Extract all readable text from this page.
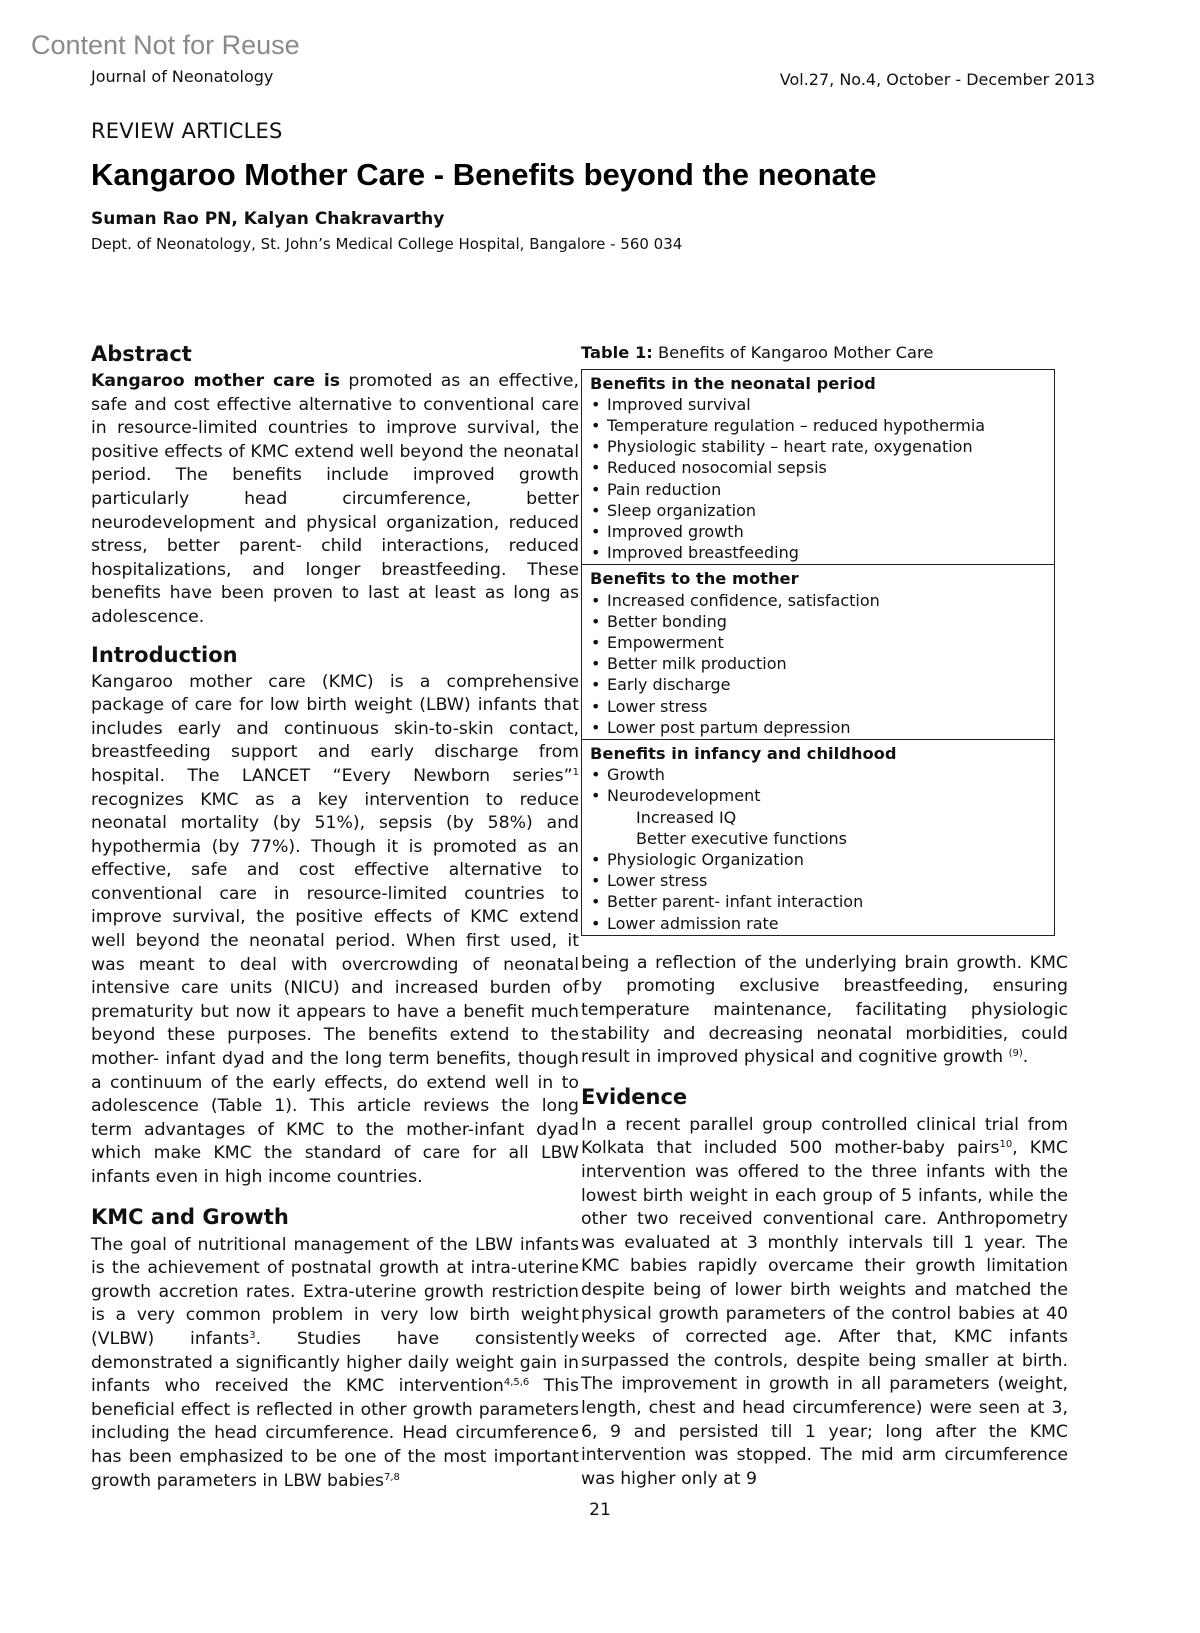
Content Not for Reuse
Journal of Neonatology	Vol.27, No.4, October - December 2013
REVIEW ARTICLES
Kangaroo Mother Care - Benefits beyond the neonate
Suman Rao PN, Kalyan Chakravarthy
Dept. of Neonatology, St. John’s Medical College Hospital, Bangalore - 560 034
Abstract

Kangaroo mother care is promoted as an effective, safe and cost effective alternative to conventional care in resource-limited countries to improve survival, the positive effects of KMC extend well beyond the neonatal period. The benefits include improved growth particularly head circumference, better neurodevelopment and physical organization, reduced stress, better parent- child interactions, reduced hospitalizations, and longer breastfeeding. These benefits have been proven to last at least as long as adolescence.

Introduction

Kangaroo mother care (KMC) is a comprehensive package of care for low birth weight (LBW) infants that includes early and continuous skin-to-skin contact, breastfeeding support and early discharge from hospital. The LANCET “Every Newborn series”$^1$ recognizes KMC as a key intervention to reduce neonatal mortality (by 51%), sepsis (by 58%) and hypothermia (by 77%). Though it is promoted as an effective, safe and cost effective alternative to conventional care in resource-limited countries to improve survival, the positive effects of KMC extend well beyond the neonatal period. When first used, it was meant to deal with overcrowding of neonatal intensive care units (NICU) and increased burden of prematurity but now it appears to have a benefit much beyond these purposes. The benefits extend to the mother- infant dyad and the long term benefits, though a continuum of the early effects, do extend well in to adolescence (Table 1). This article reviews the long term advantages of KMC to the mother-infant dyad which make KMC the standard of care for all LBW infants even in high income countries.

KMC and Growth

The goal of nutritional management of the LBW infants is the achievement of postnatal growth at intra-uterine growth accretion rates. Extra-uterine growth restriction is a very common problem in very low birth weight (VLBW) infants$^3$. Studies have consistently demonstrated a significantly higher daily weight gain in infants who received the KMC intervention$^{4,5,6}$ This beneficial effect is reflected in other growth parameters including the head circumference. Head circumference has been emphasized to be one of the most important growth parameters in LBW babies$^{7,8}$

Table 1: Benefits of Kangaroo Mother Care
Benefits in the neonatal period
• Improved survival
• Temperature regulation – reduced hypothermia
• Physiologic stability – heart rate, oxygenation
• Reduced nosocomial sepsis
• Pain reduction
• Sleep organization
• Improved growth
• Improved breastfeeding
Benefits to the mother
• Increased confidence, satisfaction
• Better bonding
• Empowerment
• Better milk production
• Early discharge
• Lower stress
• Lower post partum depression
Benefits in infancy and childhood
• Growth
• Neurodevelopment
Increased IQ
Better executive functions
• Physiologic Organization
• Lower stress
• Better parent- infant interaction
• Lower admission rate

being a reflection of the underlying brain growth. KMC by promoting exclusive breastfeeding, ensuring temperature maintenance, facilitating physiologic stability and decreasing neonatal morbidities, could result in improved physical and cognitive growth $^{(9)}$.

Evidence

In a recent parallel group controlled clinical trial from Kolkata that included 500 mother-baby pairs$^{10}$, KMC intervention was offered to the three infants with the lowest birth weight in each group of 5 infants, while the other two received conventional care. Anthropometry was evaluated at 3 monthly intervals till 1 year. The KMC babies rapidly overcame their growth limitation despite being of lower birth weights and matched the physical growth parameters of the control babies at 40 weeks of corrected age. After that, KMC infants surpassed the controls, despite being smaller at birth. The improvement in growth in all parameters (weight, length, chest and head circumference) were seen at 3, 6, 9 and persisted till 1 year; long after the KMC intervention was stopped. The mid arm circumference was higher only at 9

21
